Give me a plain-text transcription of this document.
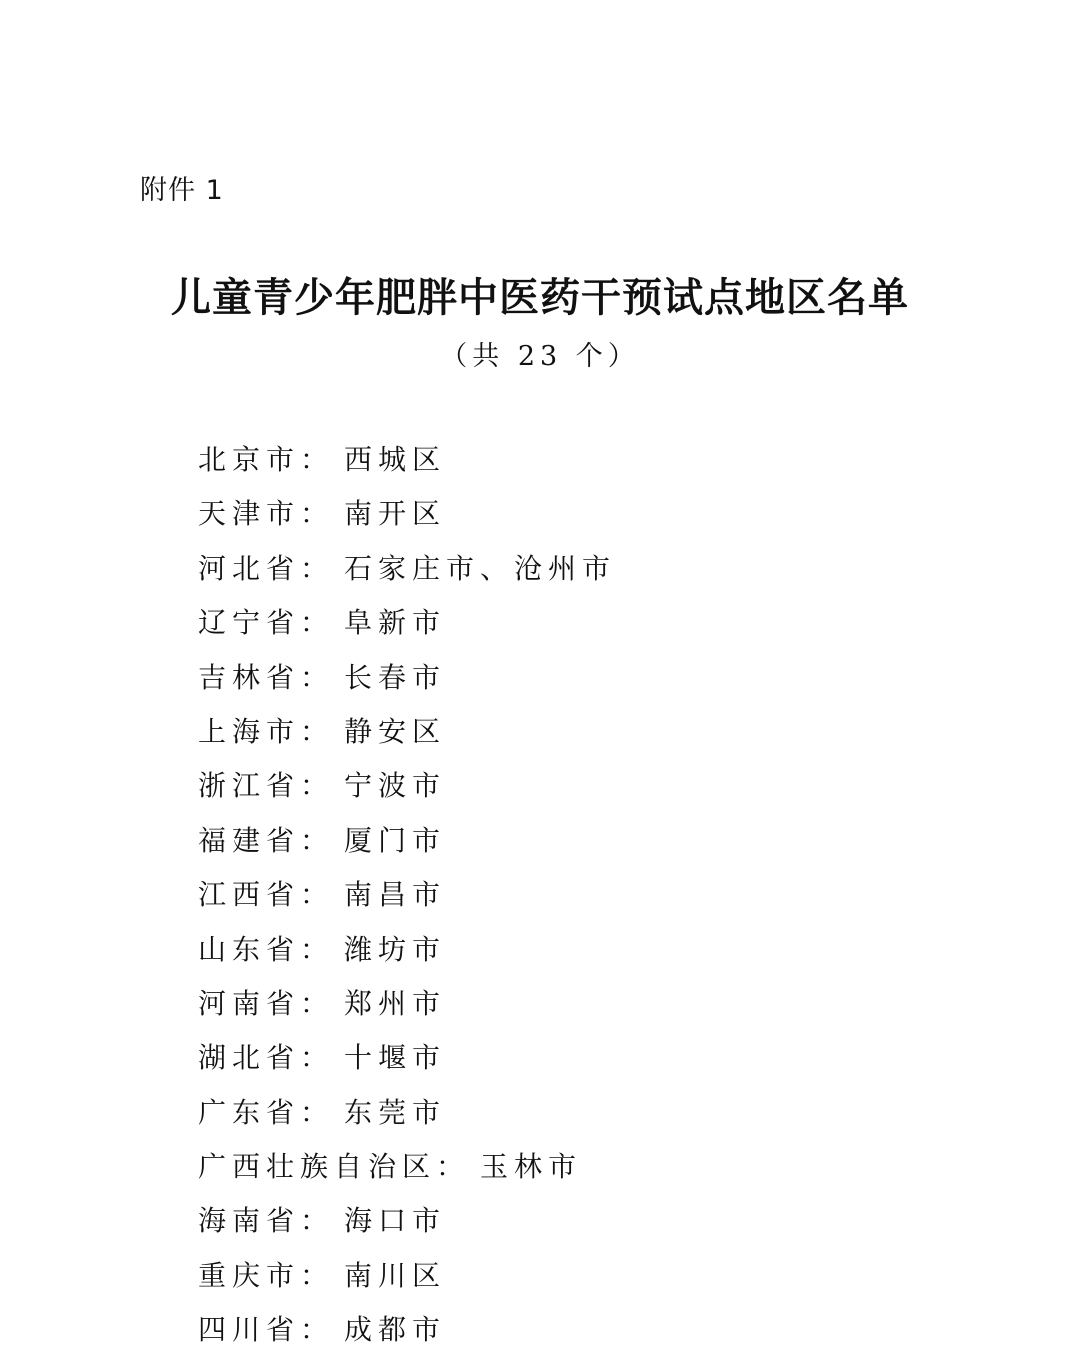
附件 1
儿童青少年肥胖中医药干预试点地区名单
（共 23 个）
北京市： 西城区
天津市： 南开区
河北省： 石家庄市、沧州市
辽宁省： 阜新市
吉林省： 长春市
上海市： 静安区
浙江省： 宁波市
福建省： 厦门市
江西省： 南昌市
山东省： 潍坊市
河南省： 郑州市
湖北省： 十堰市
广东省： 东莞市
广西壮族自治区： 玉林市
海南省： 海口市
重庆市： 南川区
四川省： 成都市
